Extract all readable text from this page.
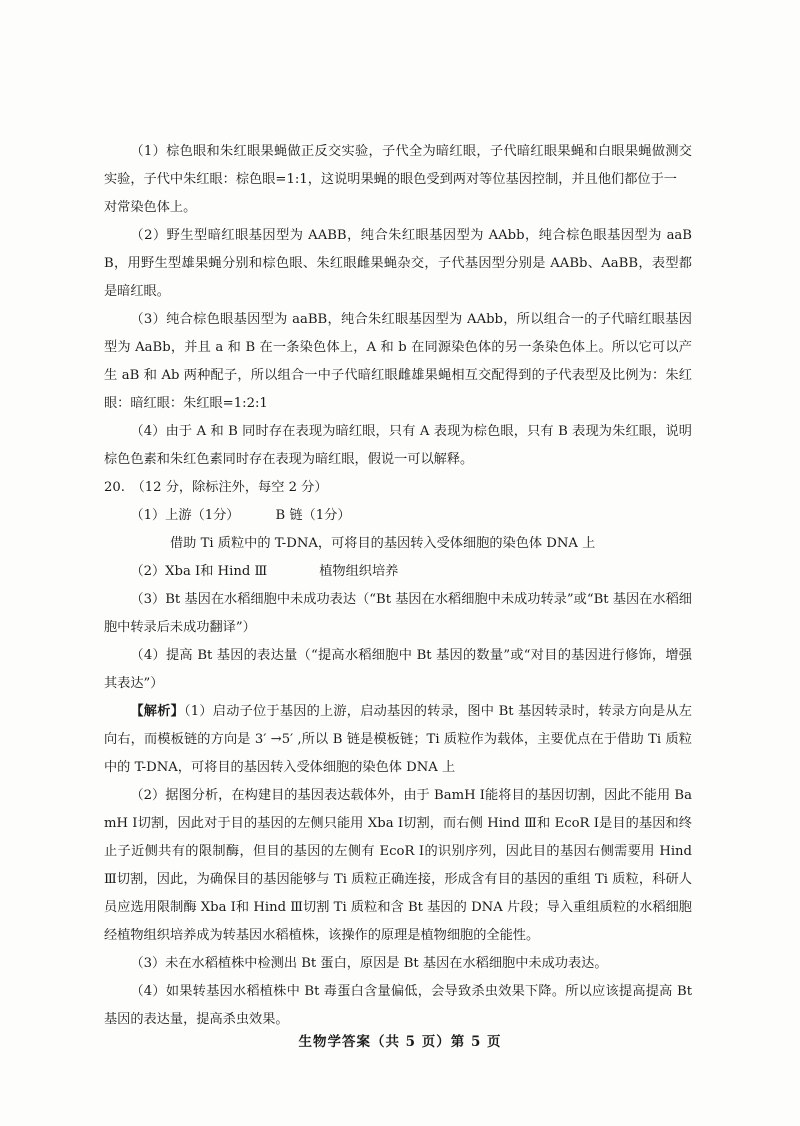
（1）棕色眼和朱红眼果蝇做正反交实验，子代全为暗红眼，子代暗红眼果蝇和白眼果蝇做测交 实验，子代中朱红眼：棕色眼=1:1，这说明果蝇的眼色受到两对等位基因控制，并且他们都位于一

对常染色体上。

（2）野生型暗红眼基因型为 AABB，纯合朱红眼基因型为 AAbb，纯合棕色眼基因型为 aaBB，用野生型雄果蝇分别和棕色眼、朱红眼雌果蝇杂交，子代基因型分别是 AABb、AaBB，表型都是暗红眼。

（3）纯合棕色眼基因型为 aaBB，纯合朱红眼基因型为 AAbb，所以组合一的子代暗红眼基因型为 AaBb，并且 a 和 B 在一条染色体上，A 和 b 在同源染色体的另一条染色体上。所以它可以产生 aB 和 Ab 两种配子，所以组合一中子代暗红眼雌雄果蝇相互交配得到的子代表型及比例为：朱红眼：暗红眼：朱红眼=1:2:1

（4）由于 A 和 B 同时存在表现为暗红眼，只有 A 表现为棕色眼，只有 B 表现为朱红眼，说明棕色色素和朱红色素同时存在表现为暗红眼，假说一可以解释。

20.　（12 分，除标注外，每空 2 分）

（1）上游（1分）	B 链（1分）

借助 Ti 质粒中的 T-DNA，可将目的基因转入受体细胞的染色体 DNA 上

（2）Xba Ⅰ和 Hind Ⅲ	植物组织培养

（3）Bt 基因在水稻细胞中未成功表达（“Bt 基因在水稻细胞中未成功转录”或“Bt 基因在水稻细胞中转录后未成功翻译”）

（4）提高 Bt 基因的表达量（“提高水稻细胞中 Bt 基因的数量”或“对目的基因进行修饰，增强其表达”）

【解析】（1）启动子位于基因的上游，启动基因的转录，图中 Bt 基因转录时，转录方向是从左向右，而模板链的方向是 3′ →5′ ,所以 B 链是模板链；Ti 质粒作为载体，主要优点在于借助 Ti 质粒中的 T-DNA，可将目的基因转入受体细胞的染色体 DNA 上

（2）据图分析，在构建目的基因表达载体外，由于 BamH Ⅰ能将目的基因切割，因此不能用 BamH Ⅰ切割，因此对于目的基因的左侧只能用 Xba Ⅰ切割，而右侧 Hind Ⅲ和 EcoR Ⅰ是目的基因和终止子近侧共有的限制酶，但目的基因的左侧有 EcoR Ⅰ的识别序列，因此目的基因右侧需要用 Hind Ⅲ切割，因此，为确保目的基因能够与 Ti 质粒正确连接，形成含有目的基因的重组 Ti 质粒，科研人员应选用限制酶 Xba Ⅰ和 Hind Ⅲ切割 Ti 质粒和含 Bt 基因的 DNA 片段；导入重组质粒的水稻细胞经植物组织培养成为转基因水稻植株，该操作的原理是植物细胞的全能性。

（3）未在水稻植株中检测出 Bt 蛋白，原因是 Bt 基因在水稻细胞中未成功表达。

（4）如果转基因水稻植株中 Bt 毒蛋白含量偏低，会导致杀虫效果下降。所以应该提高提高 Bt 基因的表达量，提高杀虫效果。

生物学答案（共 5 页）第 5 页
